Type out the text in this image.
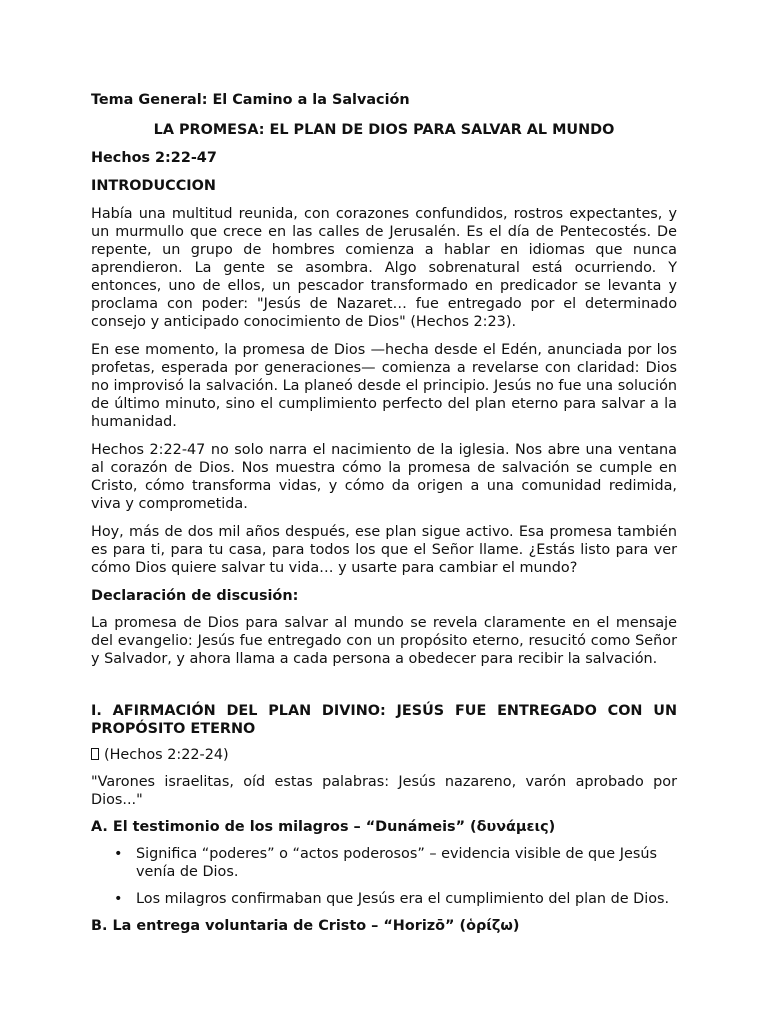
Tema General: El Camino a la Salvación

LA PROMESA: EL PLAN DE DIOS PARA SALVAR AL MUNDO

Hechos 2:22-47

INTRODUCCION

Había una multitud reunida, con corazones confundidos, rostros expectantes, y un murmullo que crece en las calles de Jerusalén. Es el día de Pentecostés. De repente, un grupo de hombres comienza a hablar en idiomas que nunca aprendieron. La gente se asombra. Algo sobrenatural está ocurriendo. Y entonces, uno de ellos, un pescador transformado en predicador se levanta y proclama con poder: "Jesús de Nazaret… fue entregado por el determinado consejo y anticipado conocimiento de Dios" (Hechos 2:23).

En ese momento, la promesa de Dios —hecha desde el Edén, anunciada por los profetas, esperada por generaciones— comienza a revelarse con claridad: Dios no improvisó la salvación. La planeó desde el principio. Jesús no fue una solución de último minuto, sino el cumplimiento perfecto del plan eterno para salvar a la humanidad.

Hechos 2:22-47 no solo narra el nacimiento de la iglesia. Nos abre una ventana al corazón de Dios. Nos muestra cómo la promesa de salvación se cumple en Cristo, cómo transforma vidas, y cómo da origen a una comunidad redimida, viva y comprometida.

Hoy, más de dos mil años después, ese plan sigue activo. Esa promesa también es para ti, para tu casa, para todos los que el Señor llame. ¿Estás listo para ver cómo Dios quiere salvar tu vida… y usarte para cambiar el mundo?

Declaración de discusión:

La promesa de Dios para salvar al mundo se revela claramente en el mensaje del evangelio: Jesús fue entregado con un propósito eterno, resucitó como Señor y Salvador, y ahora llama a cada persona a obedecer para recibir la salvación.

I. AFIRMACIÓN DEL PLAN DIVINO: JESÚS FUE ENTREGADO CON UN PROPÓSITO ETERNO

(Hechos 2:22-24)

"Varones israelitas, oíd estas palabras: Jesús nazareno, varón aprobado por Dios..."

A. El testimonio de los milagros – “Dunámeis” (δυνάμεις)

• Significa “poderes” o “actos poderosos” – evidencia visible de que Jesús venía de Dios.
• Los milagros confirmaban que Jesús era el cumplimiento del plan de Dios.

B. La entrega voluntaria de Cristo – “Horizō” (ὁρίζω)
